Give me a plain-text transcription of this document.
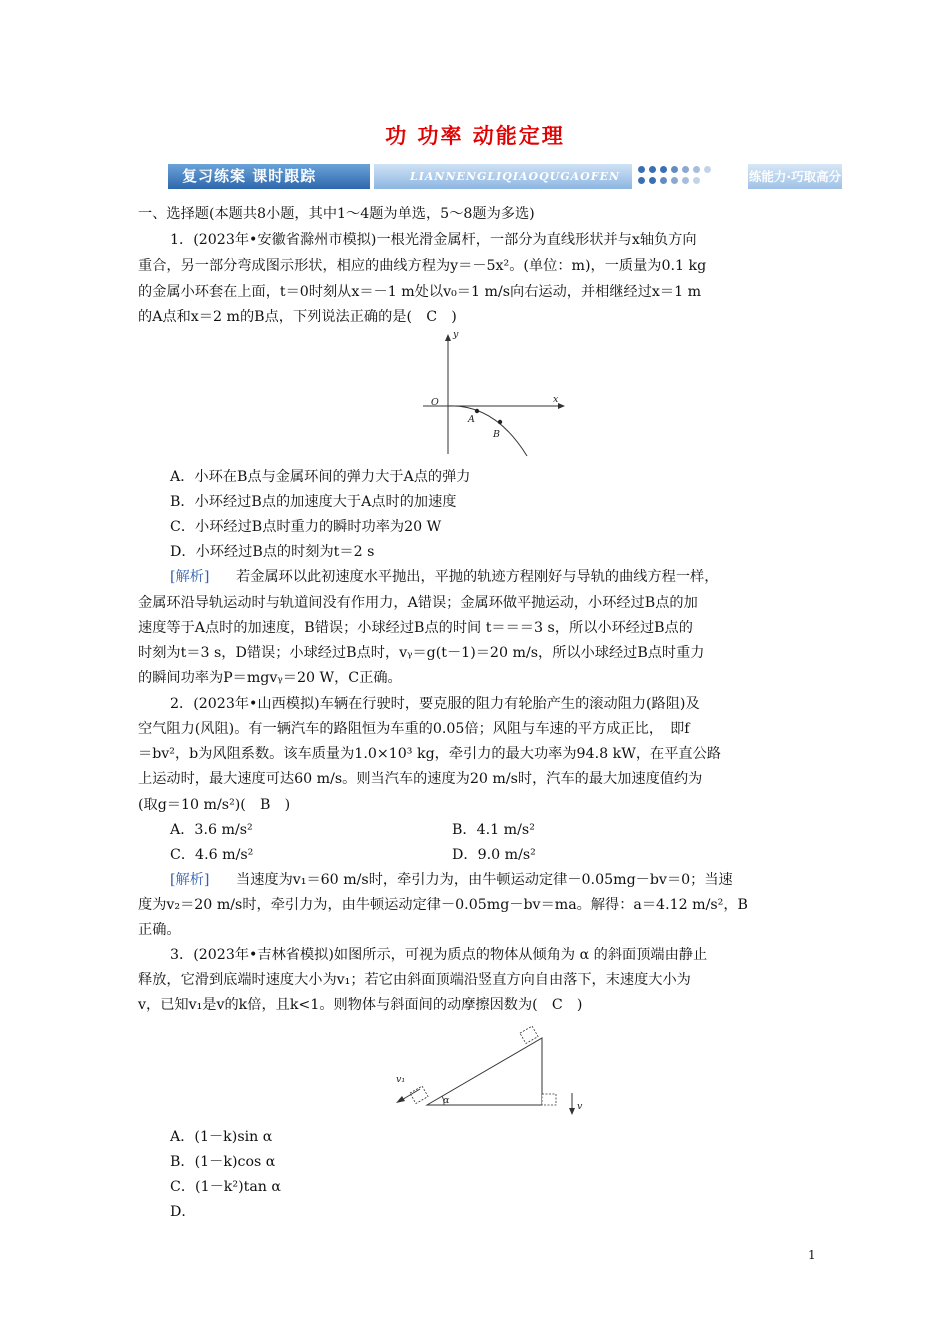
功 功率 动能定理
复习练案 课时跟踪	LIANNENGLIQIAOQUGAOFEN	练能力·巧取高分
一、选择题(本题共8小题，其中1～4题为单选，5～8题为多选)
1．(2023年•安徽省滁州市模拟)一根光滑金属杆，一部分为直线形状并与x轴负方向
重合，另一部分弯成图示形状，相应的曲线方程为y＝－5x²。(单位：m)，一质量为0.1 kg
的金属小环套在上面，t＝0时刻从x＝－1 m处以v₀＝1 m/s向右运动，并相继经过x＝1 m
的A点和x＝2 m的B点，下列说法正确的是(　C　)
y
x
O
A
B
A．小环在B点与金属环间的弹力大于A点的弹力
B．小环经过B点的加速度大于A点时的加速度
C．小环经过B点时重力的瞬时功率为20 W
D．小环经过B点的时刻为t＝2 s
[解析] 若金属环以此初速度水平抛出，平抛的轨迹方程刚好与导轨的曲线方程一样，
金属环沿导轨运动时与轨道间没有作用力，A错误；金属环做平抛运动，小环经过B点的加
速度等于A点时的加速度，B错误；小球经过B点的时间 t＝＝＝3 s，所以小环经过B点的
时刻为t＝3 s，D错误；小球经过B点时，vᵧ＝g(t－1)＝20 m/s，所以小球经过B点时重力
的瞬间功率为P＝mgvᵧ＝20 W，C正确。
2．(2023年•山西模拟)车辆在行驶时，要克服的阻力有轮胎产生的滚动阻力(路阻)及
空气阻力(风阻)。有一辆汽车的路阻恒为车重的0.05倍；风阻与车速的平方成正比，　即f
＝bv²，b为风阻系数。该车质量为1.0×10³ kg，牵引力的最大功率为94.8 kW，在平直公路
上运动时，最大速度可达60 m/s。则当汽车的速度为20 m/s时，汽车的最大加速度值约为
(取g＝10 m/s²)(　B　)
A．3.6 m/s²	B．4.1 m/s²
C．4.6 m/s²	D．9.0 m/s²
[解析] 当速度为v₁＝60 m/s时，牵引力为，由牛顿运动定律－0.05mg－bv＝0；当速
度为v₂＝20 m/s时，牵引力为，由牛顿运动定律－0.05mg－bv＝ma。解得：a＝4.12 m/s²，B
正确。
3．(2023年•吉林省模拟)如图所示，可视为质点的物体从倾角为 α 的斜面顶端由静止
释放，它滑到底端时速度大小为v₁；若它由斜面顶端沿竖直方向自由落下，末速度大小为
v，已知v₁是v的k倍，且k<1。则物体与斜面间的动摩擦因数为(　C　)
v₁
α
v
A．(1－k)sin α
B．(1－k)cos α
C．(1－k²)tan α
D．
1
